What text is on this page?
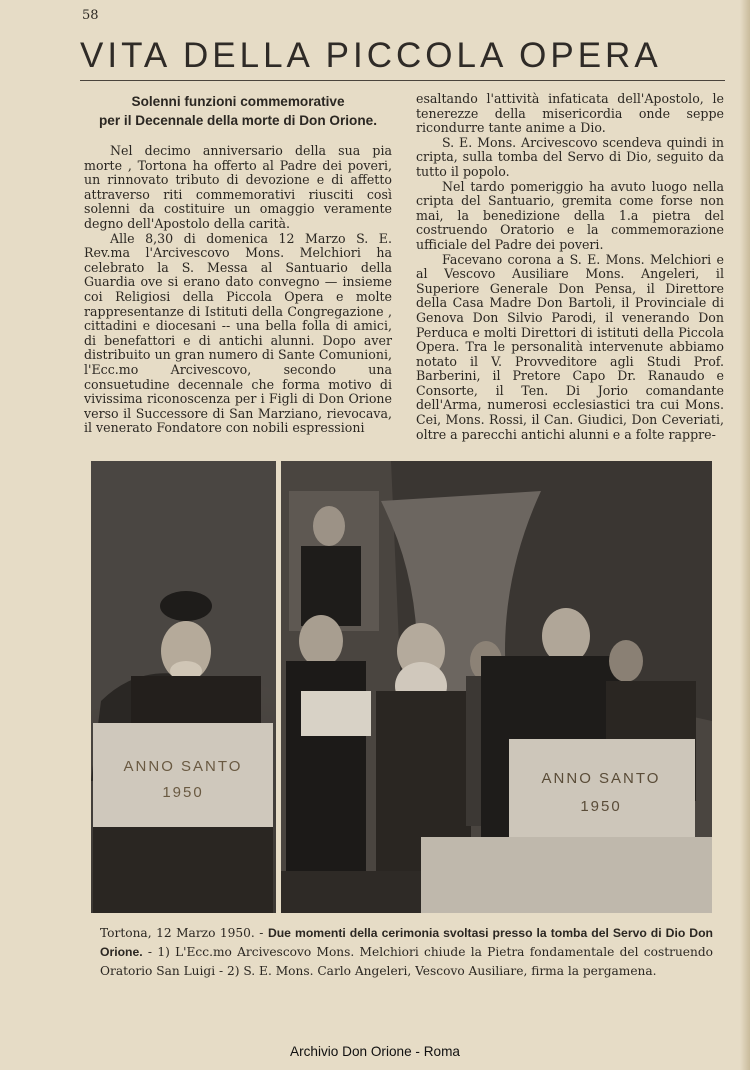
58
VITA DELLA PICCOLA OPERA
Solenni funzioni commemorative
per il Decennale della morte di Don Orione.

Nel decimo anniversario della sua pia morte , Tortona ha offerto al Padre dei poveri, un rinnovato tributo di devozione e di affetto attraverso riti commemorativi riusciti così solenni da costituire un omaggio veramente degno dell'Apostolo della carità.

Alle 8,30 di domenica 12 Marzo S. E. Rev.ma l'Arcivescovo Mons. Melchiori ha celebrato la S. Messa al Santuario della Guardia ove si erano dato convegno — insieme coi Religiosi della Piccola Opera e molte rappresentanze di Istituti della Congregazione , cittadini e diocesani -- una bella folla di amici, di benefattori e di antichi alunni. Dopo aver distribuito un gran numero di Sante Comunioni, l'Ecc.mo Arcivescovo, secondo una consuetudine decennale che forma motivo di vivissima riconoscenza per i Figli di Don Orione verso il Successore di San Marziano, rievocava, il venerato Fondatore con nobili espressioni

esaltando l'attività infaticata dell'Apostolo, le tenerezze della misericordia onde seppe ricondurre tante anime a Dio.

S. E. Mons. Arcivescovo scendeva quindi in cripta, sulla tomba del Servo di Dio, seguito da tutto il popolo.

Nel tardo pomeriggio ha avuto luogo nella cripta del Santuario, gremita come forse non mai, la benedizione della 1.a pietra del costruendo Oratorio e la commemorazione ufficiale del Padre dei poveri.

Facevano corona a S. E. Mons. Melchiori e al Vescovo Ausiliare Mons. Angeleri, il Superiore Generale Don Pensa, il Direttore della Casa Madre Don Bartoli, il Provinciale di Genova Don Silvio Parodi, il venerando Don Perduca e molti Direttori di istituti della Piccola Opera. Tra le personalità intervenute abbiamo notato il V. Provveditore agli Studi Prof. Barberini, il Pretore Capo Dr. Ranaudo e Consorte, il Ten. Di Jorio comandante dell'Arma, numerosi ecclesiastici tra cui Mons. Cei, Mons. Rossi, il Can. Giudici, Don Ceveriati, oltre a parecchi antichi alunni e a folte rappre-

ANNO SANTO
1950
ANNO SANTO
1950
Tortona, 12 Marzo 1950. - Due momenti della cerimonia svoltasi presso la tomba del Servo di Dio Don Orione. - 1) L'Ecc.mo Arcivescovo Mons. Melchiori chiude la Pietra fondamentale del costruendo Oratorio San Luigi - 2) S. E. Mons. Carlo Angeleri, Vescovo Ausiliare, firma la pergamena.
Archivio Don Orione - Roma
